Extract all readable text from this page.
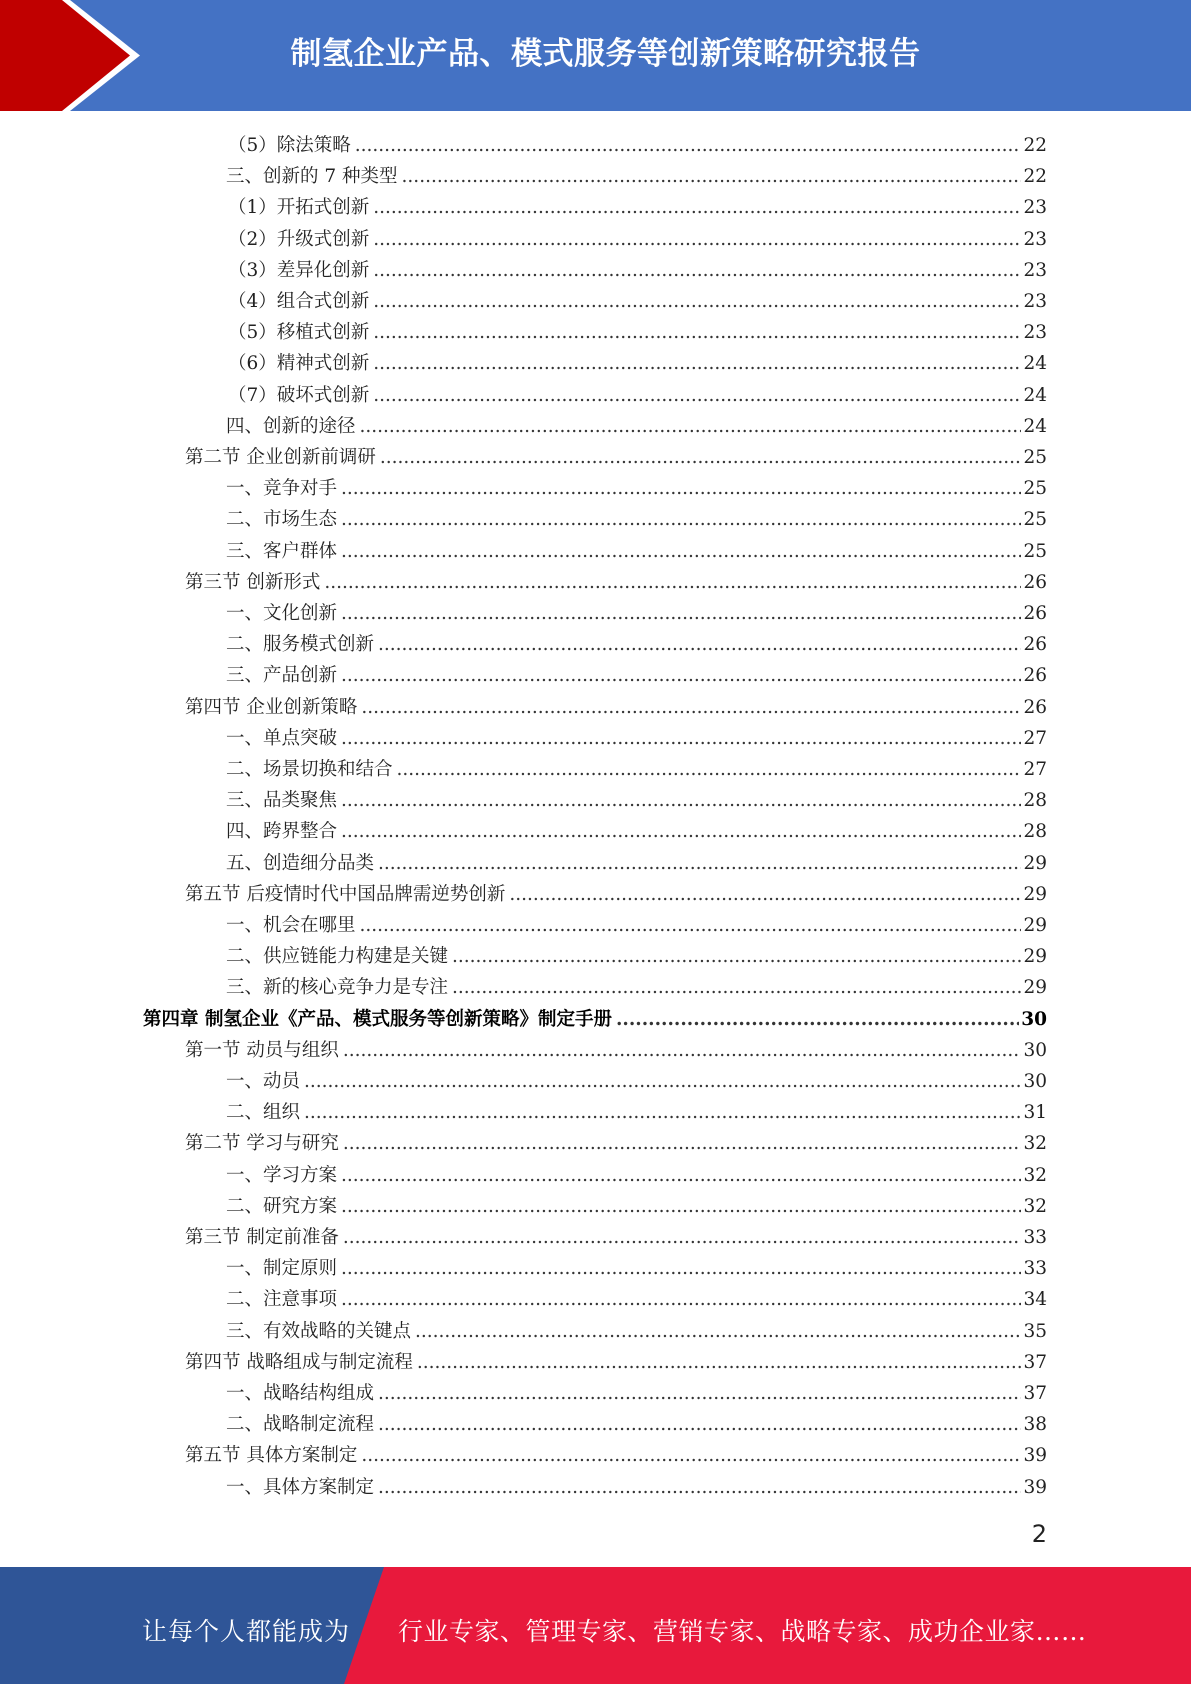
制氢企业产品、模式服务等创新策略研究报告
（5）除法策略 .....	22
三、创新的 7 种类型 .....	22
（1）开拓式创新 .....	23
（2）升级式创新 .....	23
（3）差异化创新 .....	23
（4）组合式创新 .....	23
（5）移植式创新 .....	23
（6）精神式创新 .....	24
（7）破坏式创新 .....	24
四、创新的途径 .....	24
第二节 企业创新前调研 .....	25
一、竞争对手 .....	25
二、市场生态 .....	25
三、客户群体 .....	25
第三节 创新形式 .....	26
一、文化创新 .....	26
二、服务模式创新 .....	26
三、产品创新 .....	26
第四节 企业创新策略 .....	26
一、单点突破 .....	27
二、场景切换和结合 .....	27
三、品类聚焦 .....	28
四、跨界整合 .....	28
五、创造细分品类 .....	29
第五节 后疫情时代中国品牌需逆势创新 .....	29
一、机会在哪里 .....	29
二、供应链能力构建是关键 .....	29
三、新的核心竞争力是专注 .....	29
第四章 制氢企业《产品、模式服务等创新策略》制定手册 .....	30
第一节 动员与组织 .....	30
一、动员 .....	30
二、组织 .....	31
第二节 学习与研究 .....	32
一、学习方案 .....	32
二、研究方案 .....	32
第三节 制定前准备 .....	33
一、制定原则 .....	33
二、注意事项 .....	34
三、有效战略的关键点 .....	35
第四节 战略组成与制定流程 .....	37
一、战略结构组成 .....	37
二、战略制定流程 .....	38
第五节 具体方案制定 .....	39
一、具体方案制定 .....	39
2
让每个人都能成为 行业专家、管理专家、营销专家、战略专家、成功企业家……
